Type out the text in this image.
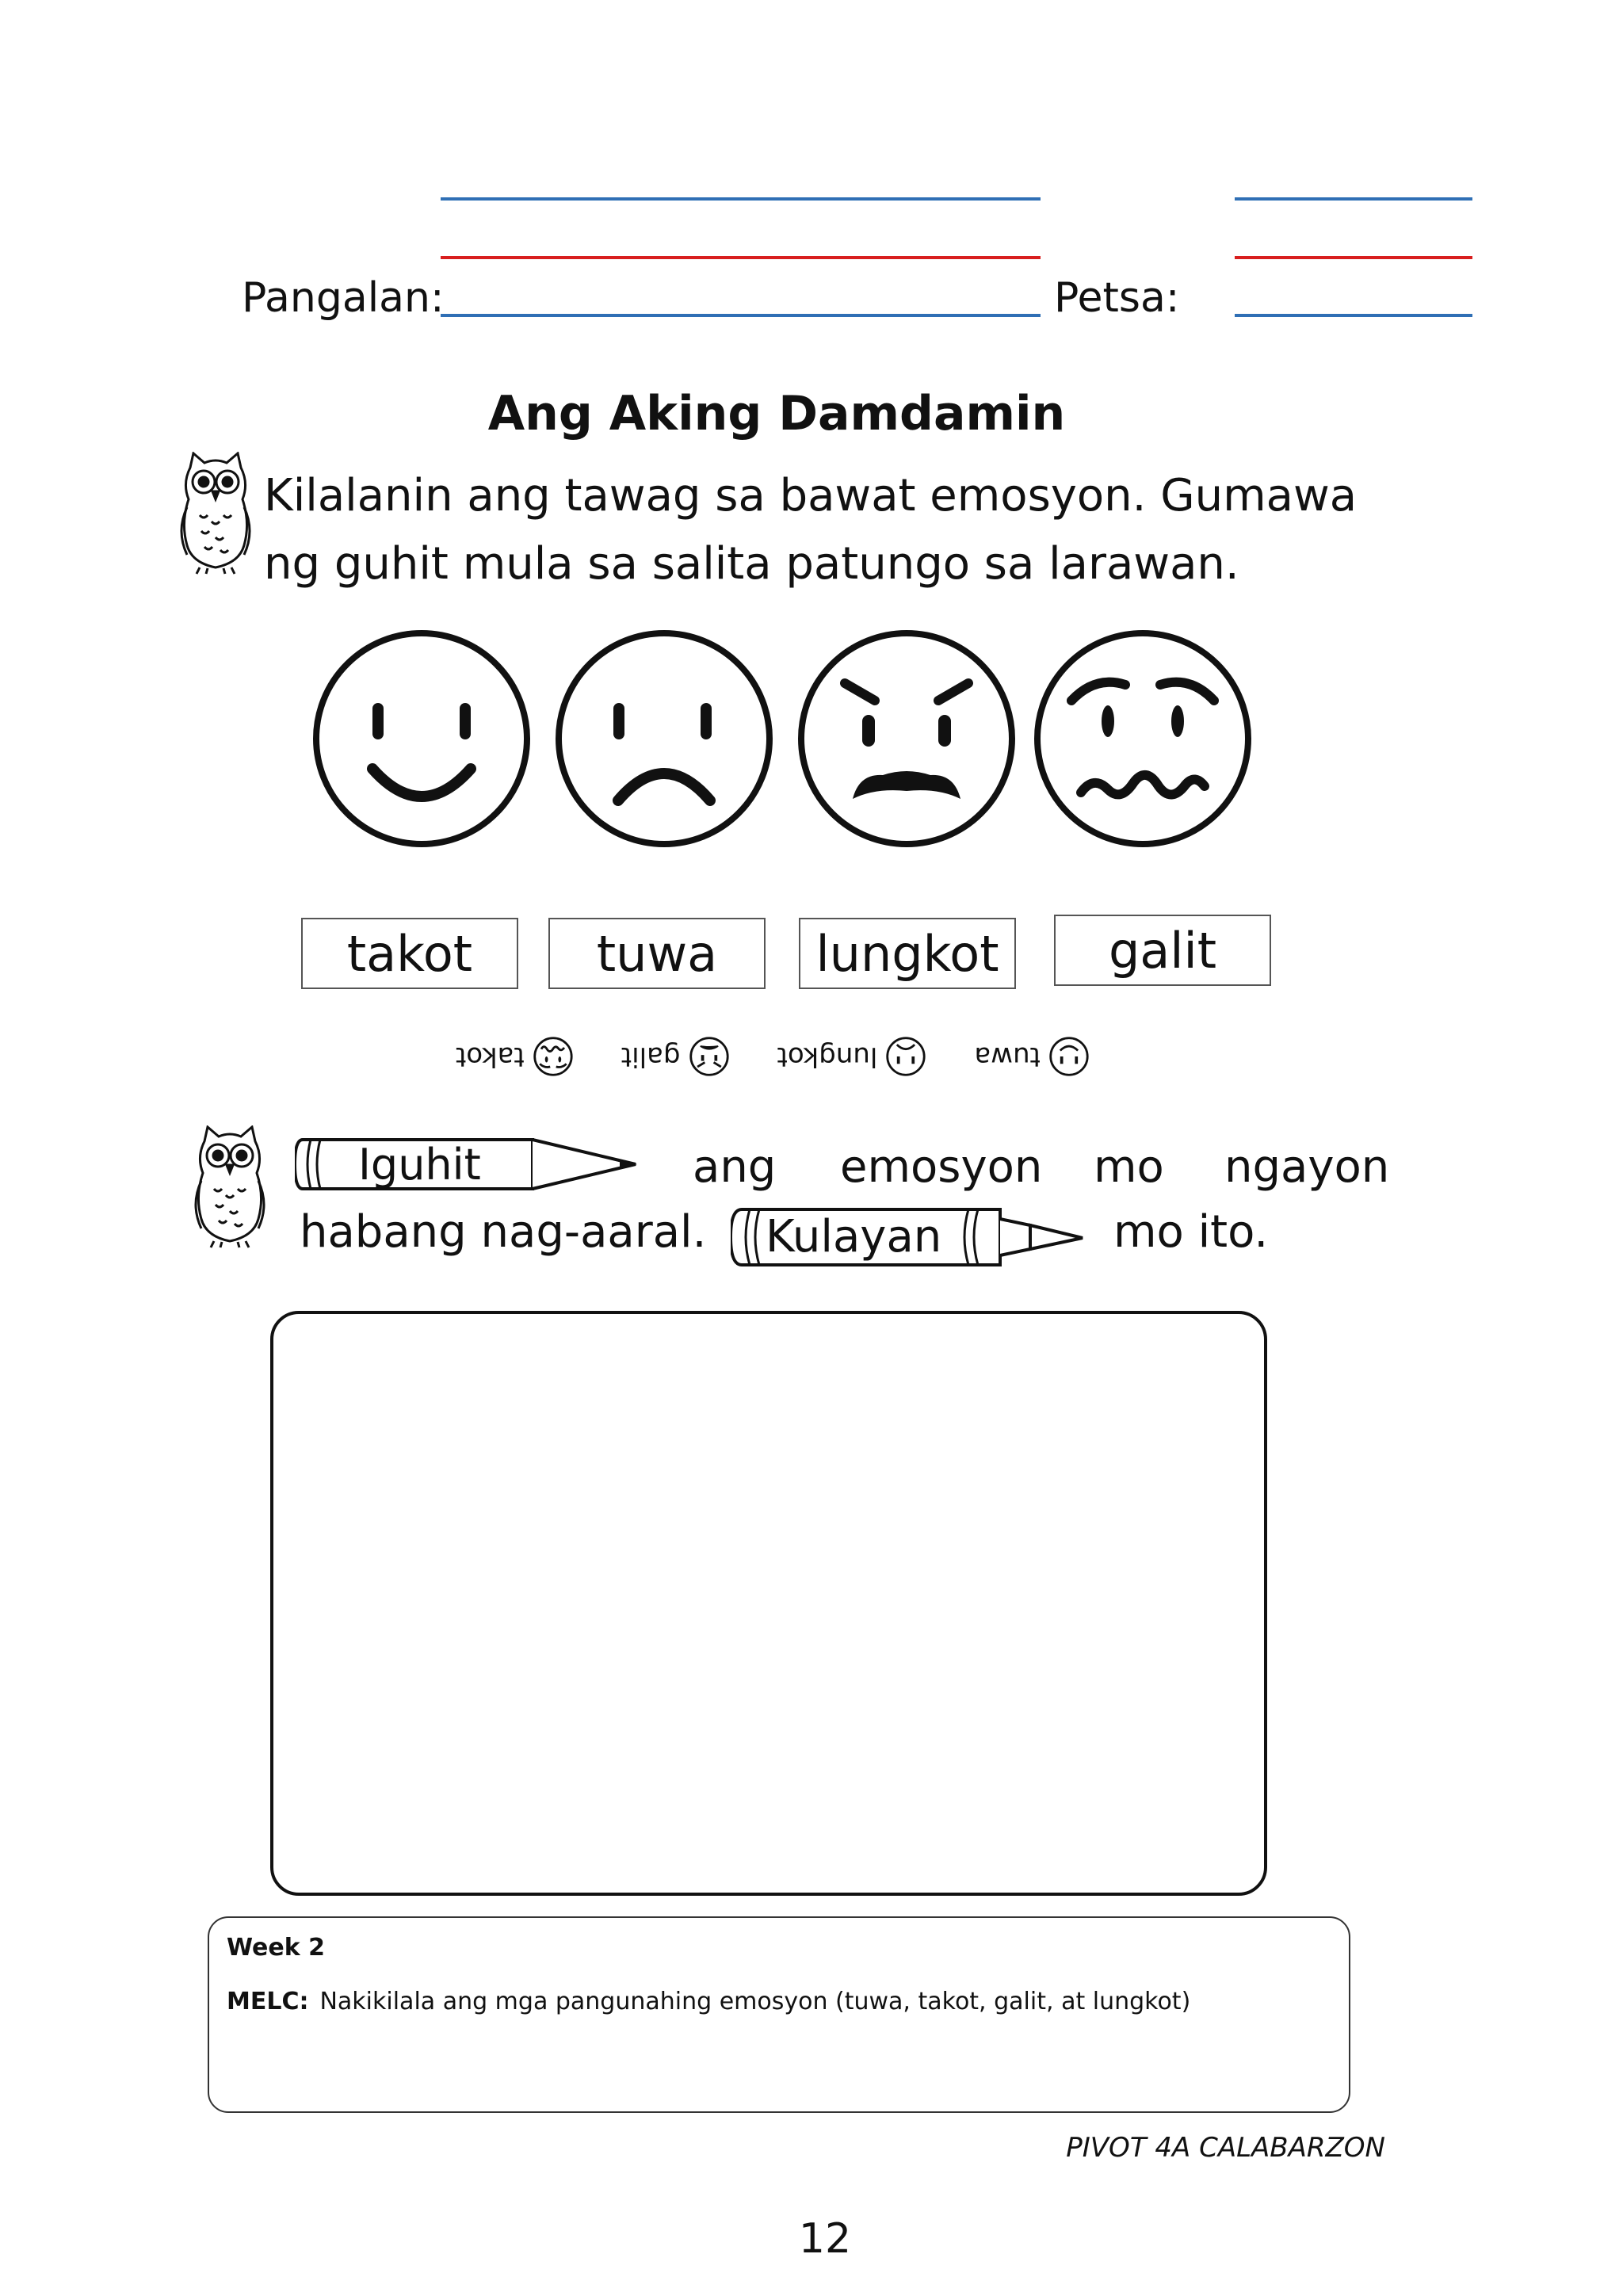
Pangalan:	Petsa:
Ang Aking Damdamin
Kilalanin ang tawag sa bawat emosyon. Gumawa
ng guhit mula sa salita patungo sa larawan.
takot	tuwa lungkot galit
tuwa
lungkot
galit
takot
Iguhit	ang emosyon mo ngayon
habang nag-aaral. Kulayan	mo ito.
Week 2
MELC: Nakikilala ang mga pangunahing emosyon (tuwa, takot, galit, at lungkot)
PIVOT 4A CALABARZON
12
